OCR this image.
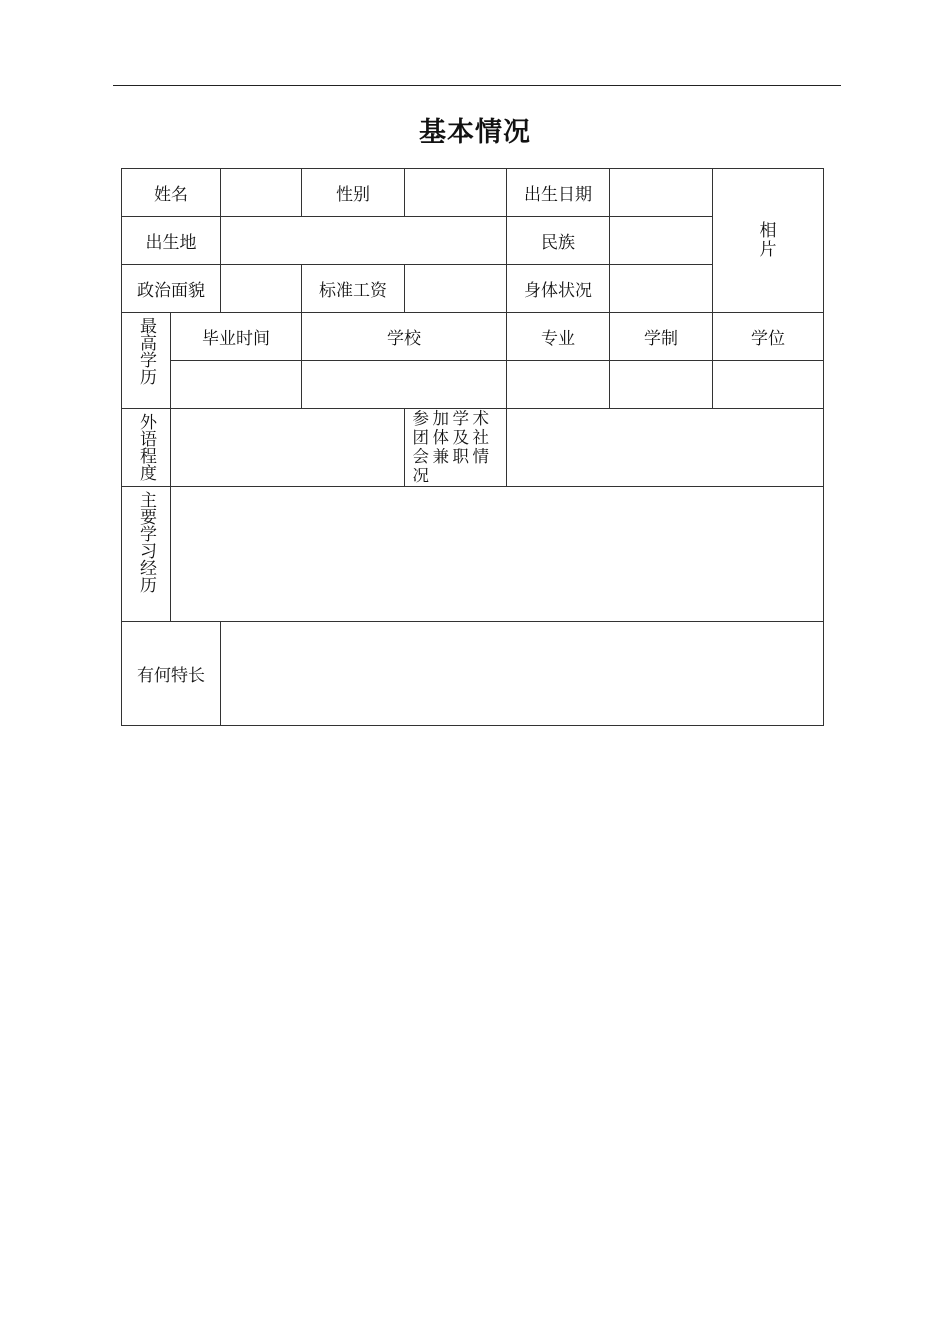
基本情况
姓名			性别		出生日期		相片
出生地					民族		
政治面貌			标准工资		身体状况		
最高学历	毕业时间		学校		专业	学制	学位

外语程度				参加学术团体及社会兼职情况			

主要学习经历							
有何特长							
